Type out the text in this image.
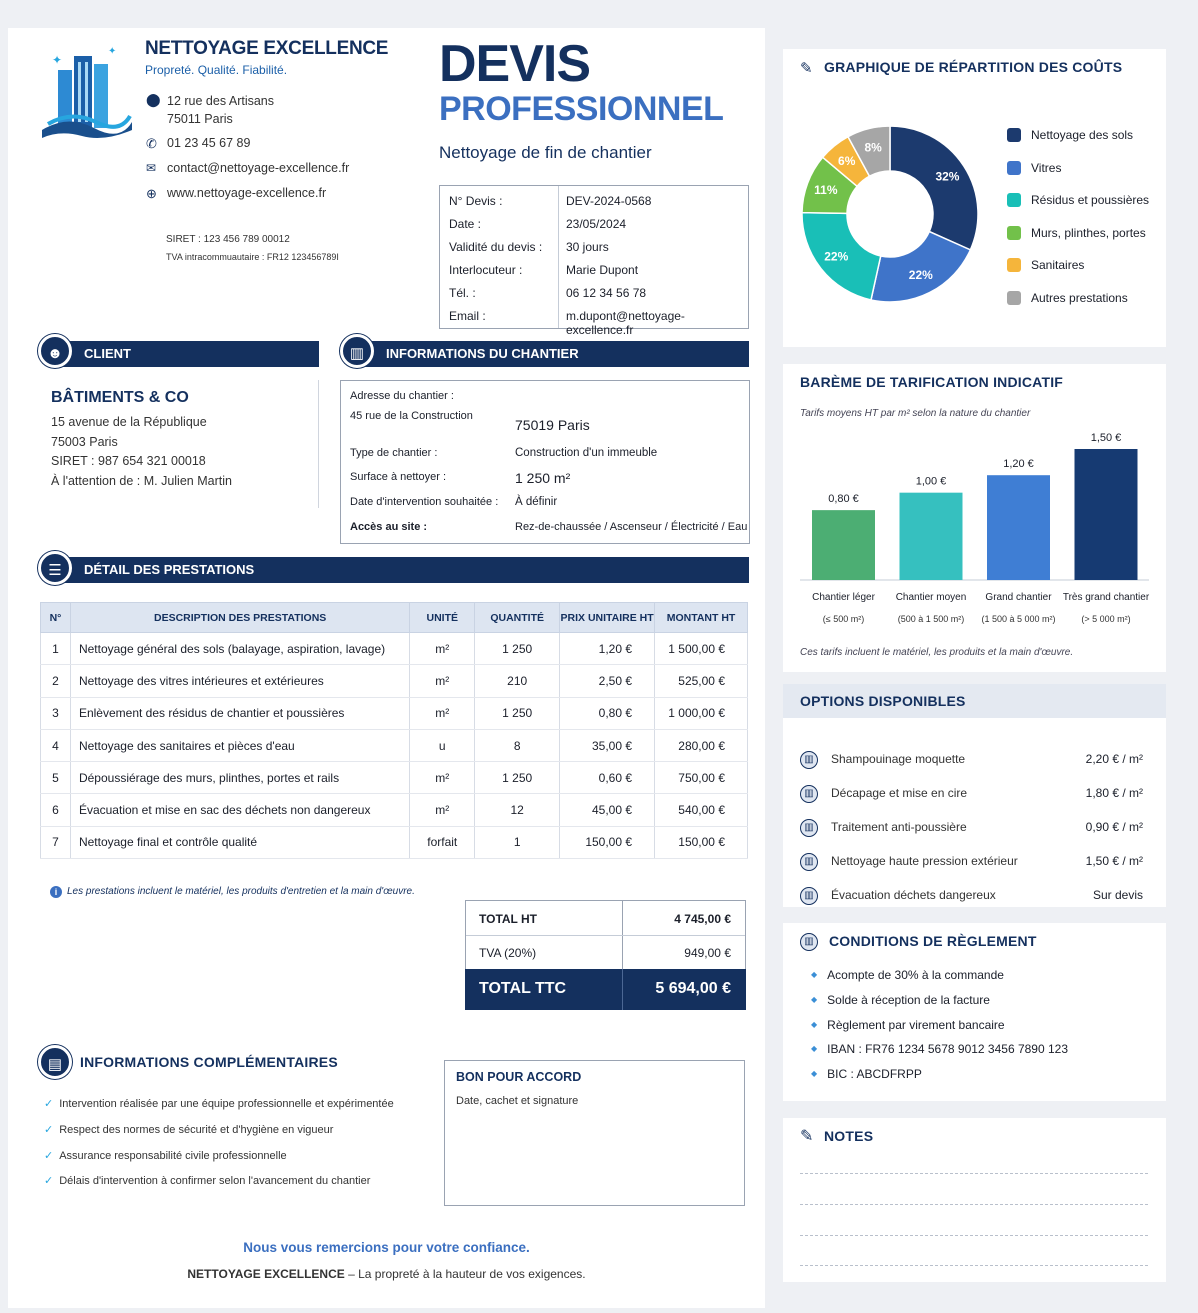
✦
✦ NETTOYAGE EXCELLENCE
Propreté. Qualité. Fiabilité.
⬤ 12 rue des Artisans
75011 Paris
✆ 01 23 45 67 89
✉ contact@nettoyage-excellence.fr
⊕ www.nettoyage-excellence.fr
SIRET : 123 456 789 00012
TVA intracommuautaire : FR12 123456789I
DEVIS
PROFESSIONNEL
Nettoyage de fin de chantier
N° Devis :	DEV-2024-0568
Date :	23/05/2024
Validité du devis : 30 jours
Interlocuteur :	Marie Dupont
Tél. :	06 12 34 56 78
Email :	m.dupont@nettoyage-excellence.fr
CLIENT
☻
BÂTIMENTS & CO
15 avenue de la République
75003 Paris
SIRET : 987 654 321 00018
À l'attention de : M. Julien Martin
INFORMATIONS DU CHANTIER
▥
Adresse du chantier :
45 rue de la Construction
75019 Paris
Type de chantier :	Construction d'un immeuble
Surface à nettoyer :	1 250 m²
Date d'intervention souhaitée : À définir
Accès au site :	Rez-de-chaussée / Ascenseur / Électricité / Eau
DÉTAIL DES PRESTATIONS
☰
N°	DESCRIPTION DES PRESTATIONS	UNITÉ	QUANTITÉ	PRIX UNITAIRE HT	MONTANT HT
1	Nettoyage général des sols (balayage, aspiration, lavage)	m²	1 250	1,20 €	1 500,00 €
2	Nettoyage des vitres intérieures et extérieures	m²	210	2,50 €	525,00 €
3	Enlèvement des résidus de chantier et poussières	m²	1 250	0,80 €	1 000,00 €
4	Nettoyage des sanitaires et pièces d'eau	u	8	35,00 €	280,00 €
5	Dépoussiérage des murs, plinthes, portes et rails	m²	1 250	0,60 €	750,00 €
6	Évacuation et mise en sac des déchets non dangereux	m²	12	45,00 €	540,00 €
7	Nettoyage final et contrôle qualité	forfait	1	150,00 €	150,00 €
i Les prestations incluent le matériel, les produits d'entretien et la main d'œuvre.
TOTAL HT	4 745,00 €
TVA (20%)	949,00 €
TOTAL TTC	5 694,00 €
▤	INFORMATIONS COMPLÉMENTAIRES
✓ Intervention réalisée par une équipe professionnelle et expérimentée
✓ Respect des normes de sécurité et d'hygiène en vigueur
✓ Assurance responsabilité civile professionnelle
✓ Délais d'intervention à confirmer selon l'avancement du chantier
BON POUR ACCORD
Date, cachet et signature
Nous vous remercions pour votre confiance.
NETTOYAGE EXCELLENCE – La propreté à la hauteur de vos exigences.
✎ GRAPHIQUE DE RÉPARTITION DES COÛTS
32%
22%
22%
11%
6%
8%
Nettoyage des sols
Vitres
Résidus et poussières
Murs, plinthes, portes
Sanitaires
Autres prestations
BARÈME DE TARIFICATION INDICATIF
Tarifs moyens HT par m² selon la nature du chantier
0,80 €
Chantier léger
(≤ 500 m²)
1,00 €
Chantier moyen
(500 à 1 500 m²)
1,20 €
Grand chantier
(1 500 à 5 000 m²)
1,50 €
Très grand chantier
(> 5 000 m²)
Ces tarifs incluent le matériel, les produits et la main d'œuvre.
OPTIONS DISPONIBLES
▥	Shampouinage moquette	2,20 € / m²
▥	Décapage et mise en cire	1,80 € / m²
▥	Traitement anti-poussière	0,90 € / m²
▥	Nettoyage haute pression extérieur	1,50 € / m²
▥	Évacuation déchets dangereux	Sur devis
▥	CONDITIONS DE RÈGLEMENT
◆ Acompte de 30% à la commande
◆ Solde à réception de la facture
◆ Règlement par virement bancaire
◆ IBAN : FR76 1234 5678 9012 3456 7890 123
◆ BIC : ABCDFRPP
✎ NOTES
